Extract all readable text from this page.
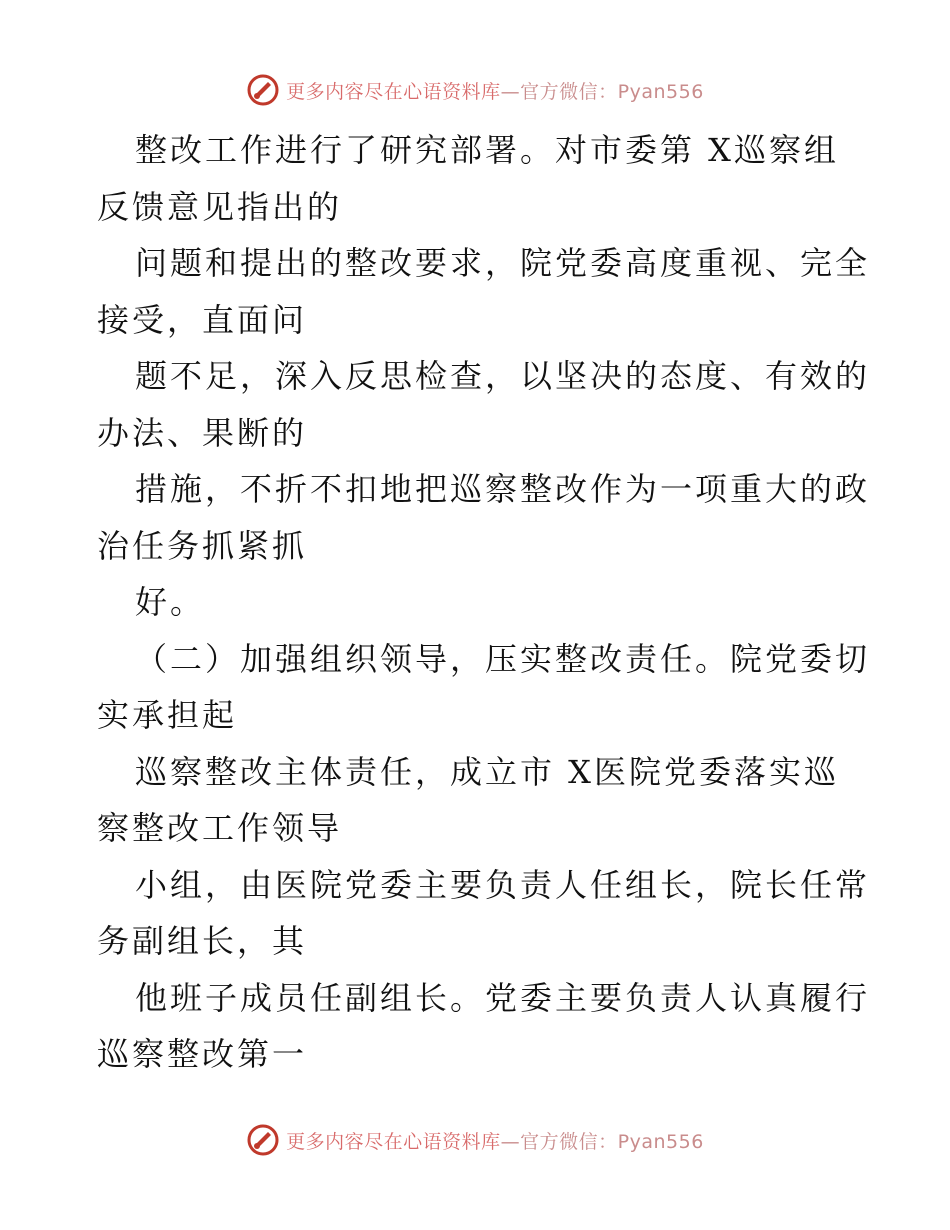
更多内容尽在心语资料库—官方微信：Pyan556
整改工作进行了研究部署。对市委第 X巡察组
反馈意见指出的
问题和提出的整改要求，院党委高度重视、完全
接受，直面问
题不足，深入反思检查，以坚决的态度、有效的
办法、果断的
措施，不折不扣地把巡察整改作为一项重大的政
治任务抓紧抓
好。
（二）加强组织领导，压实整改责任。院党委切
实承担起
巡察整改主体责任，成立市 X医院党委落实巡
察整改工作领导
小组，由医院党委主要负责人任组长，院长任常
务副组长，其
他班子成员任副组长。党委主要负责人认真履行
巡察整改第一
更多内容尽在心语资料库—官方微信：Pyan556
